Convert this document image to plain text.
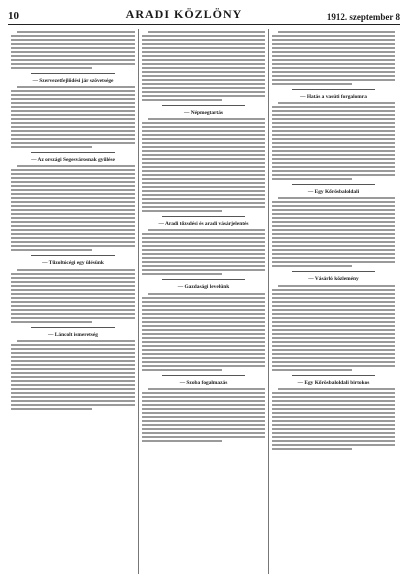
10	ARADI KÖZLÖNY	1912. szeptember 8
— Szervezetfejlődési jár szövetsége
— Az országi Segesvárosnak gyűlése
— Tűzoltócégi egy ülésünk
— Láncolt ismeretség
— Népmegtartás
— Aradi tőzsdési és aradi vásárjelentés
— Gazdasági levelünk
— Szoba fogalmazás
— Hatás a vasúti forgalomra
— Egy Kőrösbaloldali
— Vásárló közlemény
— Egy Kőrösbaloldali birtokos
